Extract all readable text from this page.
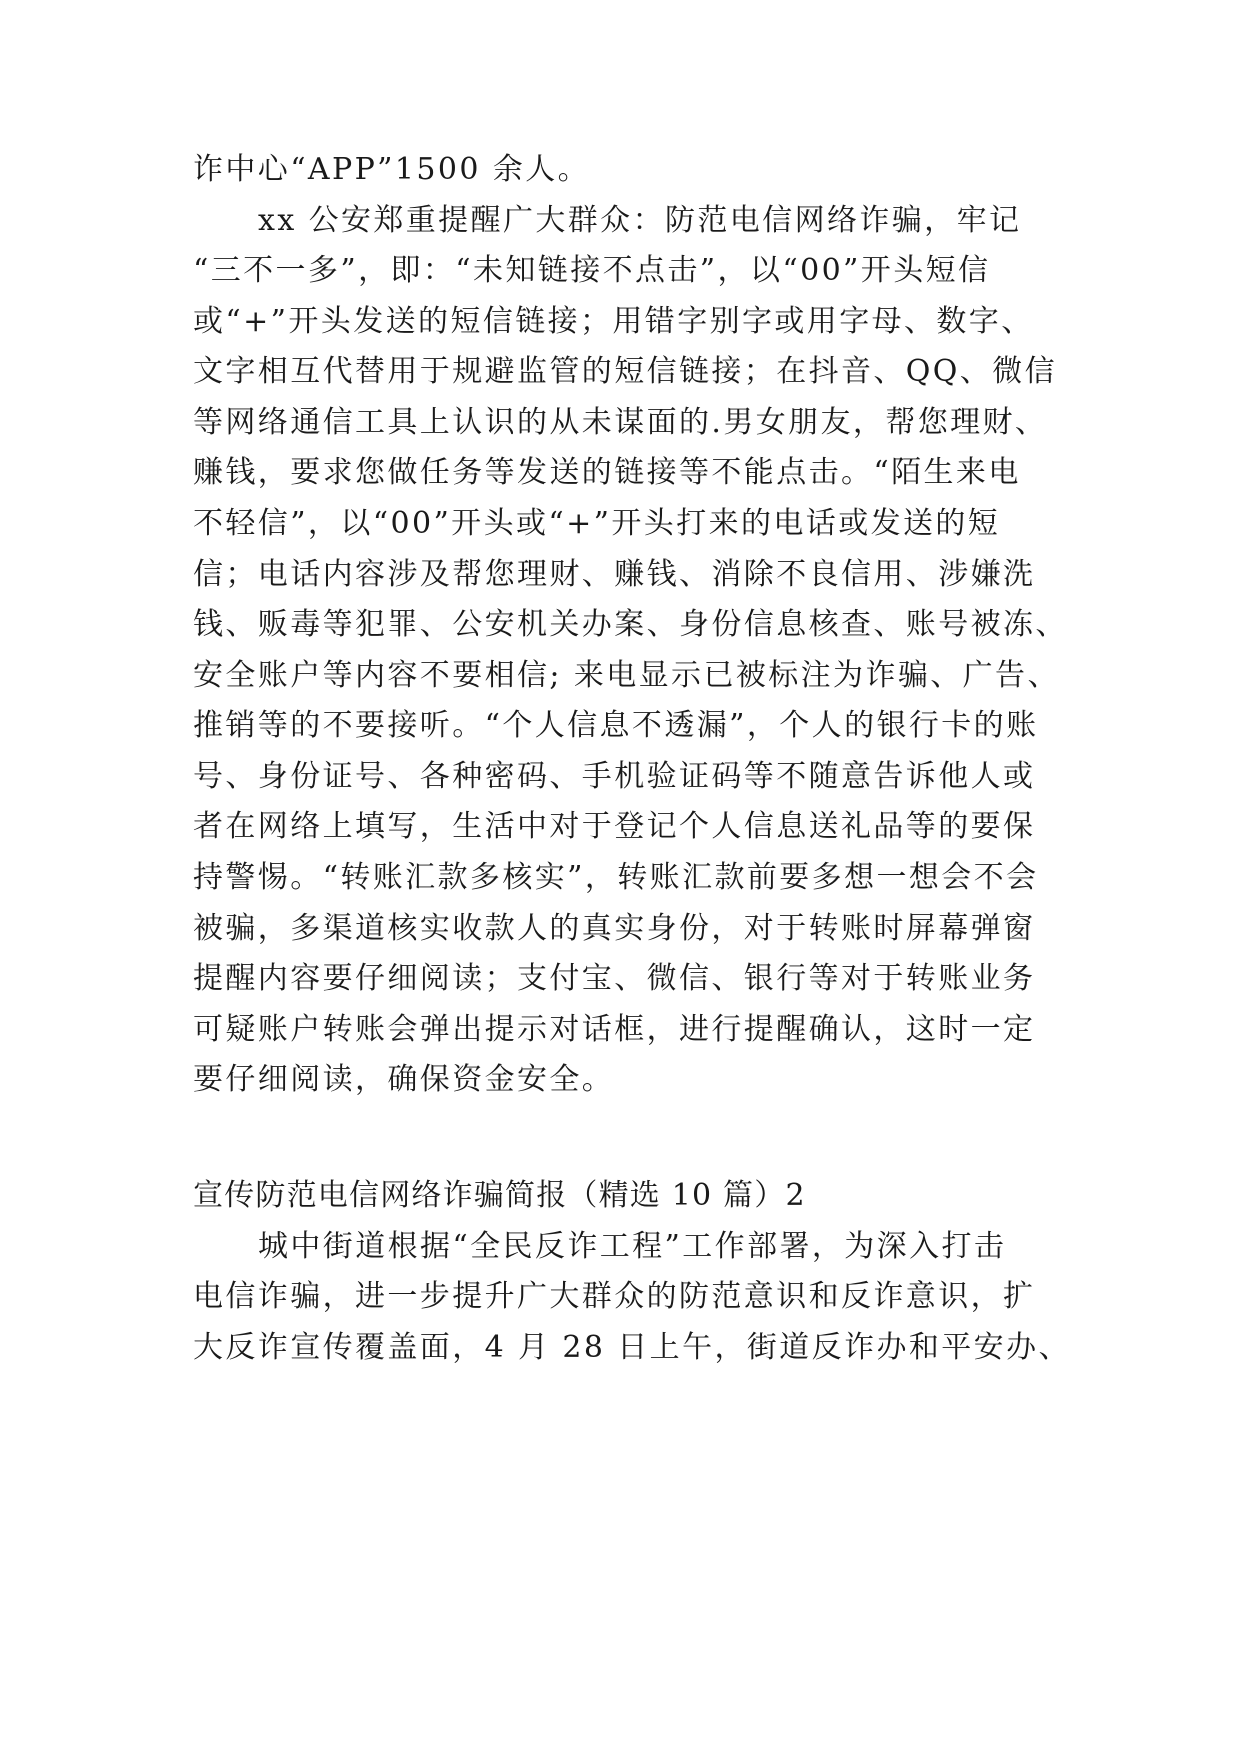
诈中心“APP”1500 余人。
xx 公安郑重提醒广大群众：防范电信网络诈骗，牢记
“三不一多”，即：“未知链接不点击”，以“00”开头短信
或“+”开头发送的短信链接；用错字别字或用字母、数字、
文字相互代替用于规避监管的短信链接；在抖音、QQ、微信
等网络通信工具上认识的从未谋面的.男女朋友，帮您理财、
赚钱，要求您做任务等发送的链接等不能点击。“陌生来电
不轻信”，以“00”开头或“+”开头打来的电话或发送的短
信；电话内容涉及帮您理财、赚钱、消除不良信用、涉嫌洗
钱、贩毒等犯罪、公安机关办案、身份信息核查、账号被冻、
安全账户等内容不要相信; 来电显示已被标注为诈骗、广告、
推销等的不要接听。“个人信息不透漏”，个人的银行卡的账
号、身份证号、各种密码、手机验证码等不随意告诉他人或
者在网络上填写，生活中对于登记个人信息送礼品等的要保
持警惕。“转账汇款多核实”，转账汇款前要多想一想会不会
被骗，多渠道核实收款人的真实身份，对于转账时屏幕弹窗
提醒内容要仔细阅读；支付宝、微信、银行等对于转账业务
可疑账户转账会弹出提示对话框，进行提醒确认，这时一定
要仔细阅读，确保资金安全。
宣传防范电信网络诈骗简报（精选 10 篇）2
城中街道根据“全民反诈工程”工作部署，为深入打击
电信诈骗，进一步提升广大群众的防范意识和反诈意识，扩
大反诈宣传覆盖面，4 月 28 日上午，街道反诈办和平安办、
